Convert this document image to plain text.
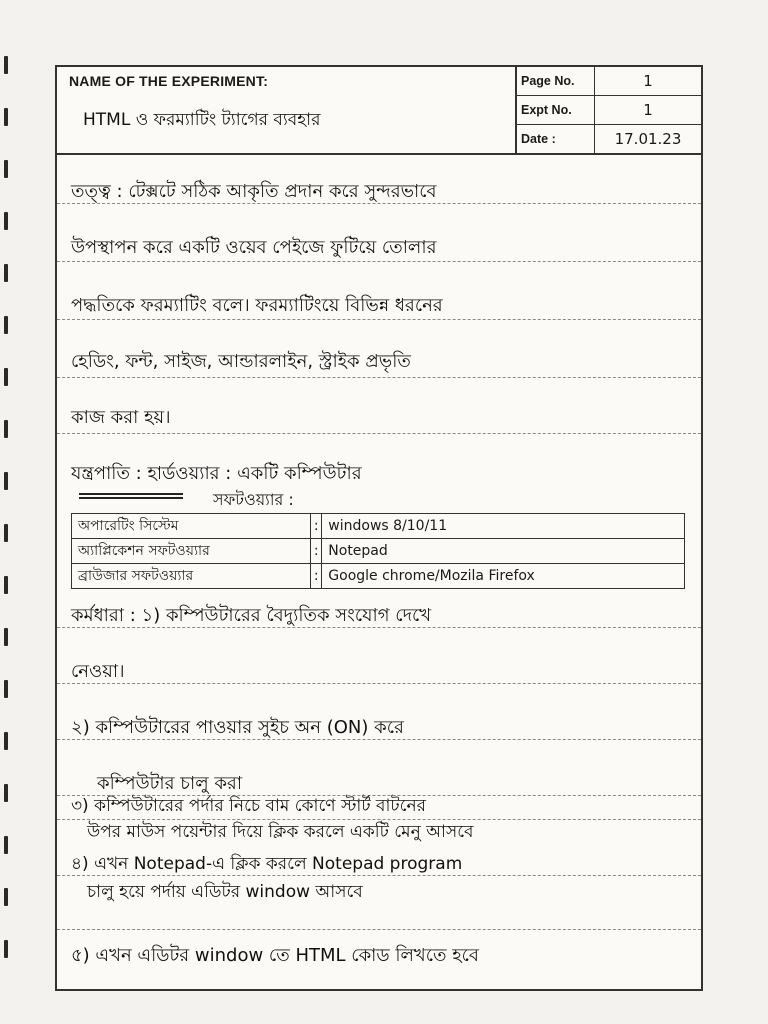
NAME OF THE EXPERIMENT:
HTML ও ফরম্যাটিং ট্যাগের ব্যবহার
Page No.	1
Expt No.	1
Date :	17.01.23
তত্ত্ব : টেক্সটে সঠিক আকৃতি প্রদান করে সুন্দরভাবে
উপস্থাপন করে একটি ওয়েব পেইজে ফুটিয়ে তোলার
পদ্ধতিকে ফরম্যাটিং বলে। ফরম্যাটিংয়ে বিভিন্ন ধরনের
হেডিং, ফন্ট, সাইজ, আন্ডারলাইন, স্ট্রাইক প্রভৃতি
কাজ করা হয়।
যন্ত্রপাতি : হার্ডওয়্যার : একটি কম্পিউটার
সফটওয়্যার :
অপারেটিং সিস্টেম	:	windows 8/10/11
অ্যাপ্লিকেশন সফটওয়্যার	:	Notepad
ব্রাউজার সফটওয়্যার	:	Google chrome/Mozila Firefox
কর্মধারা : ১) কম্পিউটারের বৈদ্যুতিক সংযোগ দেখে
নেওয়া।
২) কম্পিউটারের পাওয়ার সুইচ অন (ON) করে
কম্পিউটার চালু করা
৩) কম্পিউটারের পর্দার নিচে বাম কোণে স্টার্ট বাটনের
উপর মাউস পয়েন্টার দিয়ে ক্লিক করলে একটি মেনু আসবে
৪) এখন Notepad-এ ক্লিক করলে Notepad program
চালু হয়ে পর্দায় এডিটর window আসবে
৫) এখন এডিটর window তে HTML কোড লিখতে হবে
